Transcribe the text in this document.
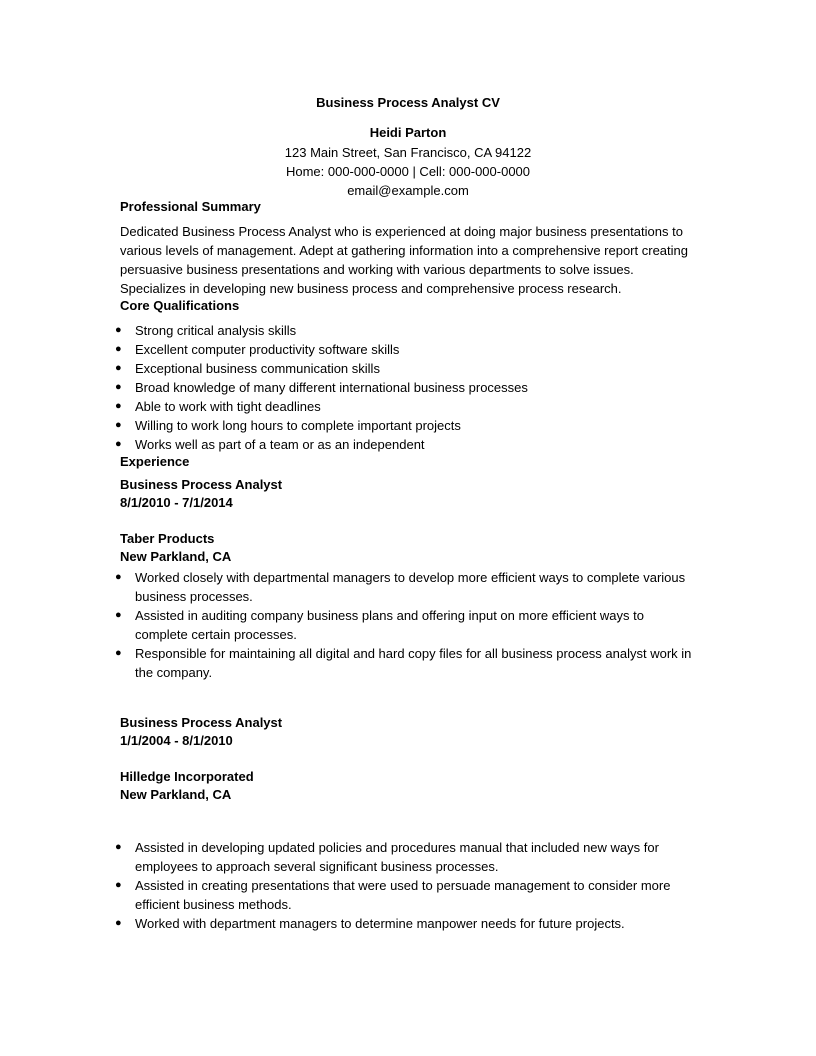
Business Process Analyst CV
Heidi Parton
123 Main Street, San Francisco, CA 94122
Home: 000-000-0000 | Cell: 000-000-0000
email@example.com
Professional Summary
Dedicated Business Process Analyst who is experienced at doing major business presentations to various levels of management. Adept at gathering information into a comprehensive report creating persuasive business presentations and working with various departments to solve issues. Specializes in developing new business process and comprehensive process research.
Core Qualifications
● Strong critical analysis skills
● Excellent computer productivity software skills
● Exceptional business communication skills
● Broad knowledge of many different international business processes
● Able to work with tight deadlines
● Willing to work long hours to complete important projects
● Works well as part of a team or as an independent
Experience
Business Process Analyst
8/1/2010 - 7/1/2014
Taber Products
New Parkland, CA
● Worked closely with departmental managers to develop more efficient ways to complete various business processes.
● Assisted in auditing company business plans and offering input on more efficient ways to complete certain processes.
● Responsible for maintaining all digital and hard copy files for all business process analyst work in the company.
Business Process Analyst
1/1/2004 - 8/1/2010
Hilledge Incorporated
New Parkland, CA
● Assisted in developing updated policies and procedures manual that included new ways for employees to approach several significant business processes.
● Assisted in creating presentations that were used to persuade management to consider more efficient business methods.
● Worked with department managers to determine manpower needs for future projects.
